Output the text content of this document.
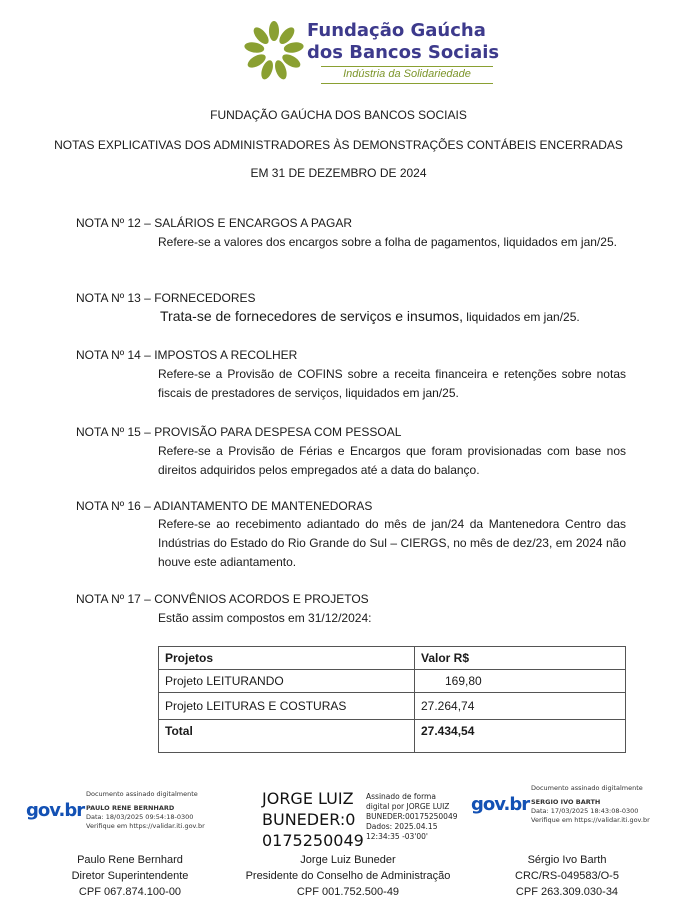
Fundação Gaúcha
dos Bancos Sociais
Indústria da Solidariedade
FUNDAÇÃO GAÚCHA DOS BANCOS SOCIAIS
NOTAS EXPLICATIVAS DOS ADMINISTRADORES ÀS DEMONSTRAÇÕES CONTÁBEIS ENCERRADAS
EM 31 DE DEZEMBRO DE 2024
NOTA Nº 12 – SALÁRIOS E ENCARGOS A PAGAR
Refere-se a valores dos encargos sobre a folha de pagamentos, liquidados em jan/25.
NOTA Nº 13 – FORNECEDORES
Trata-se de fornecedores de serviços e insumos, liquidados em jan/25.
NOTA Nº 14 – IMPOSTOS A RECOLHER
Refere-se a Provisão de COFINS sobre a receita financeira e retenções sobre notas fiscais de prestadores de serviços, liquidados em jan/25.
NOTA Nº 15 – PROVISÃO PARA DESPESA COM PESSOAL
Refere-se a Provisão de Férias e Encargos que foram provisionadas com base nos direitos adquiridos pelos empregados até a data do balanço.
NOTA Nº 16 – ADIANTAMENTO DE MANTENEDORAS
Refere-se ao recebimento adiantado do mês de jan/24 da Mantenedora Centro das Indústrias do Estado do Rio Grande do Sul – CIERGS, no mês de dez/23, em 2024 não houve este adiantamento.
NOTA Nº 17 – CONVÊNIOS ACORDOS E PROJETOS
Estão assim compostos em 31/12/2024:
Projetos	Valor R$
Projeto LEITURANDO	169,80
Projeto LEITURAS E COSTURAS	27.264,74
Total	27.434,54
gov.br
Documento assinado digitalmente
PAULO RENE BERNHARD
Data: 18/03/2025 09:54:18-0300
Verifique em https://validar.iti.gov.br
JORGE LUIZ
BUNEDER:0
0175250049
Assinado de forma
digital por JORGE LUIZ
BUNEDER:00175250049
Dados: 2025.04.15
12:34:35 -03'00'
gov.br
Documento assinado digitalmente
SERGIO IVO BARTH
Data: 17/03/2025 18:43:08-0300
Verifique em https://validar.iti.gov.br
Paulo Rene Bernhard
Diretor Superintendente
CPF 067.874.100-00
Jorge Luiz Buneder
Presidente do Conselho de Administração
CPF 001.752.500-49
Sérgio Ivo Barth
CRC/RS-049583/O-5
CPF 263.309.030-34
